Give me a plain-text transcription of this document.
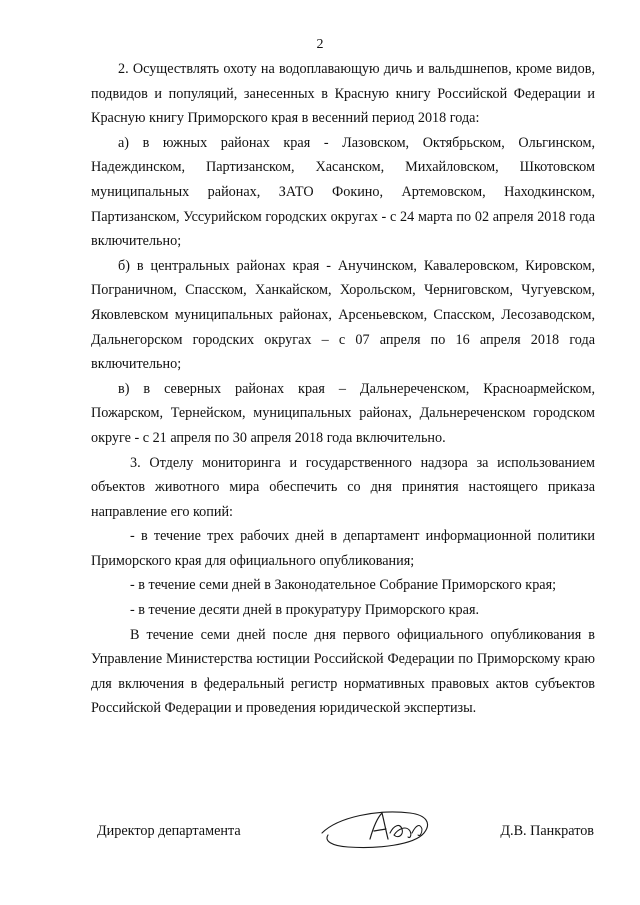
2

2. Осуществлять охоту на водоплавающую дичь и вальдшнепов, кроме видов, подвидов и популяций, занесенных в Красную книгу Российской Федерации и Красную книгу Приморского края в весенний период 2018 года:

а) в южных районах края - Лазовском, Октябрьском, Ольгинском, Надеждинском, Партизанском, Хасанском, Михайловском, Шкотовском муниципальных районах, ЗАТО Фокино, Артемовском, Находкинском, Партизанском, Уссурийском городских округах - с 24 марта по 02 апреля 2018 года включительно;

б) в центральных районах края - Анучинском, Кавалеровском, Кировском, Пограничном, Спасском, Ханкайском, Хорольском, Черниговском, Чугуевском, Яковлевском муниципальных районах, Арсеньевском, Спасском, Лесозаводском, Дальнегорском городских округах – с 07 апреля по 16 апреля 2018 года включительно;

в) в северных районах края – Дальнереченском, Красноармейском, Пожарском, Тернейском, муниципальных районах, Дальнереченском городском округе - с 21 апреля по 30 апреля 2018 года включительно.

3. Отделу мониторинга и государственного надзора за использованием объектов животного мира обеспечить со дня принятия настоящего приказа направление его копий:

- в течение трех рабочих дней в департамент информационной политики Приморского края для официального опубликования;

- в течение семи дней в Законодательное Собрание Приморского края;

- в течение десяти дней в прокуратуру Приморского края.

В течение семи дней после дня первого официального опубликования в Управление Министерства юстиции Российской Федерации по Приморскому краю для включения в федеральный регистр нормативных правовых актов субъектов Российской Федерации и проведения юридической экспертизы.

Директор департамента	Д.В. Панкратов
